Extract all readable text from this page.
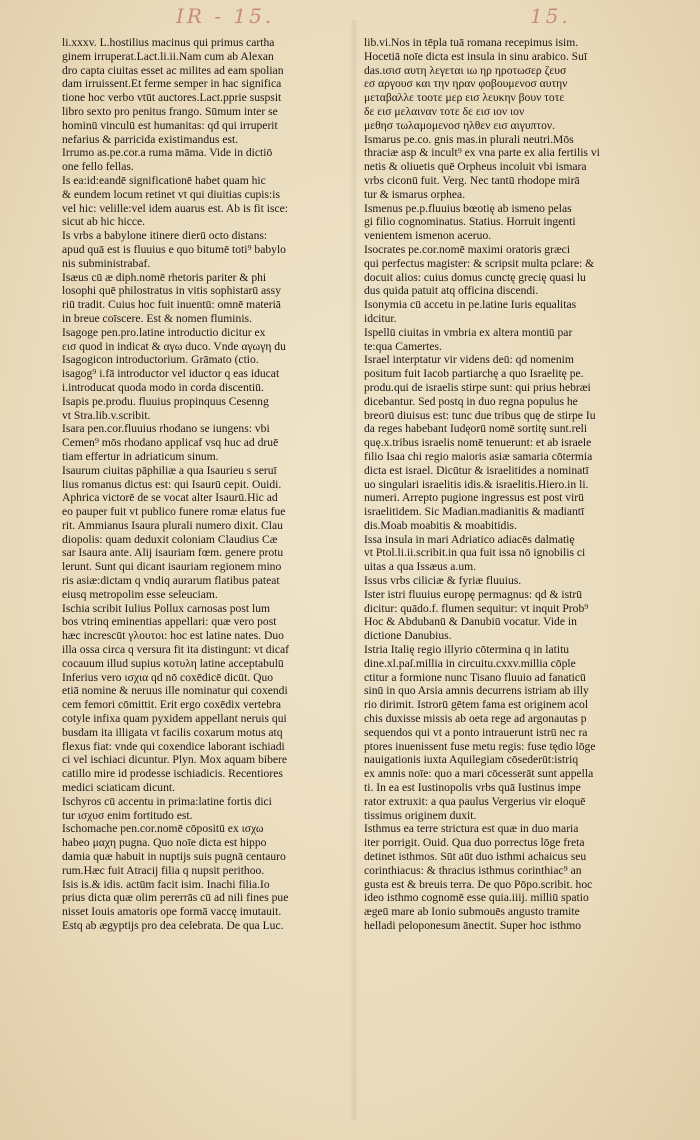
IR - 15.	15.
li.xxxv. L.hostilius macinus qui primus cartha
ginem irruperat.Lact.li.ii.Nam cum ab Alexan
dro capta ciuitas esset ac milites ad eam spolian
dam irruissent.Et ferme semper in hac significa
tione hoc verbo vtūt auctores.Lact.pprie suspsit
libro sexto pro penitus frango. Sūmum inter se
hominū vinculū est humanitas: qd qui irruperit
nefarius & parricida existimandus est.
Irrumo as.pe.cor.a ruma māma. Vide in dictiō
one fello fellas.
Is ea:id:eandē significationē habet quam hic
& eundem locum retinet vt qui diuitias cupis:is
vel hic: velille:vel idem auarus est. Ab is fit isce:
sicut ab hic hicce.
Is vrbs a babylone itinere dierū octo distans:
apud quā est is fluuius e quo bitumē toti⁹ babylo
nis subministrabaf.
Isæus cū æ diph.nomē rhetoris pariter & phi
losophi quē philostratus in vitis sophistarū assy
riū tradit. Cuius hoc fuit inuentū: omnē materiā
in breue coīscere. Est & nomen fluminis.
Isagoge pen.pro.latine introductio dicitur ex
εισ quod in indicat & αγω duco. Vnde αγωγη du
Isagogicon introductorium. Grāmato (ctio.
isagog⁹ i.fā introductor vel iductor q eas iducat
i.introducat quoda modo in corda discentiū.
Isapis pe.produ. fluuius propinquus Cesenng
vt Stra.lib.v.scribit.
Isara pen.cor.fluuius rhodano se iungens: vbi
Cemen⁹ mōs rhodano applicaf vsq huc ad druē
tiam effertur in adriaticum sinum.
Isaurum ciuitas pāphiliæ a qua Isaurieu s seruī
lius romanus dictus est: qui Isaurū cepit. Ouidi.
Aphrica victorē de se vocat alter Isaurū.Hic ad
eo pauper fuit vt publico funere romæ elatus fue
rit. Ammianus Isaura plurali numero dixit. Clau
diopolis: quam deduxit coloniam Claudius Cæ
sar Isaura ante. Alij isauriam fœm. genere protu
lerunt. Sunt qui dicant isauriam regionem mino
ris asiæ:dictam q vndiq aurarum flatibus pateat
eiusq metropolim esse seleuciam.
Ischia scribit Iulius Pollux carnosas post lum
bos vtrinq eminentias appellari: quæ vero post
hæc increscūt γλουτοι: hoc est latine nates. Duo
illa ossa circa q versura fit ita distingunt: vt dicaf
cocauum illud supius κοτυλη latine acceptabulū
Inferius vero ισχια qd nō coxēdicē dicūt. Quo
etiā nomine & neruus ille nominatur qui coxendi
cem femori cōmittit. Erit ergo coxēdix vertebra
cotyle infixa quam pyxidem appellant neruis qui
busdam ita illigata vt facilis coxarum motus atq
flexus fiat: vnde qui coxendice laborant ischiadi
ci vel ischiaci dicuntur. Plyn. Mox aquam bibere
catillo mire id prodesse ischiadicis. Recentiores
medici sciaticam dicunt.
Ischyros cū accentu in prima:latine fortis dici
tur ισχυσ enim fortitudo est.
Ischomache pen.cor.nomē cōpositū ex ισχω
habeo μαχη pugna. Quo noīe dicta est hippo
damia quæ habuit in nuptijs suis pugnā centauro
rum.Hæc fuit Atracij filia q nupsit perithoo.
Isis is.& idis. actūm facit isim. Inachi filia.Io
prius dicta quæ olim pererrās cū ad nili fines pue
nisset Iouis amatoris ope formā vaccę imutauit.
Estq ab ægyptijs pro dea celebrata. De qua Luc.
lib.vi.Nos in tēpla tuā romana recepimus isim.
Hocetiā noīe dicta est insula in sinu arabico. Suī
das.ισισ αυτη λεγεται ιω ηρ ηροτωσερ ζευσ
εσ αργουσ και την ηραν φοβουμενοσ αυτην
μεταβαλλε τοοτε μερ εισ λευκην βουν τοτε
δε εισ μελαιναν τοτε δε εισ ιον ιον
μεθησ τωλαμομενοσ ηλθεν εισ αιγυπτον.
Ismarus pe.co. gnis mas.in plurali neutri.Mōs
thraciæ asp & incult⁹ ex vna parte ex alia fertilis vi
netis & oliuetis quē Orpheus incoluit vbi ismara
vrbs ciconū fuit. Verg. Nec tantū rhodope mirā
tur & ismarus orphea.
Ismenus pe.p.fluuius bœotię ab ismeno pelas
gi filio cognominatus. Statius. Horruit ingenti
venientem ismenon aceruo.
Isocrates pe.cor.nomē maximi oratoris græci
qui perfectus magister: & scripsit multa pclare: &
docuit alios: cuius domus cunctę grecię quasi lu
dus quida patuit atq officina discendi.
Isonymia cū accetu in pe.latine Iuris equalitas
idcitur.
Ispellū ciuitas in vmbria ex altera montiū par
te:qua Camertes.
Israel interptatur vir videns deū: qd nomenim
positum fuit Iacob partiarchę a quo Israelitę pe.
produ.qui de israelis stirpe sunt: qui prius hebræi
dicebantur. Sed postq in duo regna populus he
breorū diuisus est: tunc due tribus quę de stirpe Iu
da reges habebant Iudęorū nomē sortitę sunt.reli
quę.x.tribus israelis nomē tenuerunt: et ab israele
filio Isaa chi regio maioris asiæ samaria cōtermia
dicta est israel. Dicūtur & israelitides a nominatī
uo singulari israelitis idis.& israelitis.Hiero.in li.
numeri. Arrepto pugione ingressus est post virū
israelitidem. Sic Madian.madianitis & madiantī
dis.Moab moabitis & moabitidis.
Issa insula in mari Adriatico adiacēs dalmatię
vt Ptol.li.ii.scribit.in qua fuit issa nō ignobilis ci
uitas a qua Issæus a.um.
Issus vrbs ciliciæ & fyriæ fluuius.
Ister istri fluuius europę permagnus: qd & istrū
dicitur: quādo.f. flumen sequitur: vt inquit Prob⁹
Hoc & Abdubanū & Danubiū vocatur. Vide in
dictione Danubius.
Istria Italię regio illyrio cōtermina q in latitu
dine.xl.paſ.millia in circuitu.cxxv.millia cōple
ctitur a formione nunc Tisano fluuio ad fanaticū
sinū in quo Arsia amnis decurrens istriam ab illy
rio dirimit. Istrorū gētem fama est originem acol
chis duxisse missis ab oeta rege ad argonautas p
sequendos qui vt a ponto intrauerunt istrū nec ra
ptores inuenissent fuse metu regis: fuse tędio lōge
nauigationis iuxta Aquilegiam cōsederūt:istriq
ex amnis noīe: quo a mari cōcesserāt sunt appella
ti. In ea est Iustinopolis vrbs quā Iustinus impe
rator extruxit: a qua paulus Vergerius vir eloquē
tissimus originem duxit.
Isthmus ea terre strictura est quæ in duo maria
iter porrigit. Ouid. Qua duo porrectus lōge freta
detinet isthmos. Sūt aūt duo isthmi achaicus seu
corinthiacus: & thracius isthmus corinthiac⁹ an
gusta est & breuis terra. De quo Pōpo.scribit. hoc
ideo isthmo cognomē esse quia.iiij. milliū spatio
ægeū mare ab Ionio submouēs angusto tramite
helladi peloponesum ānectit. Super hoc isthmo
